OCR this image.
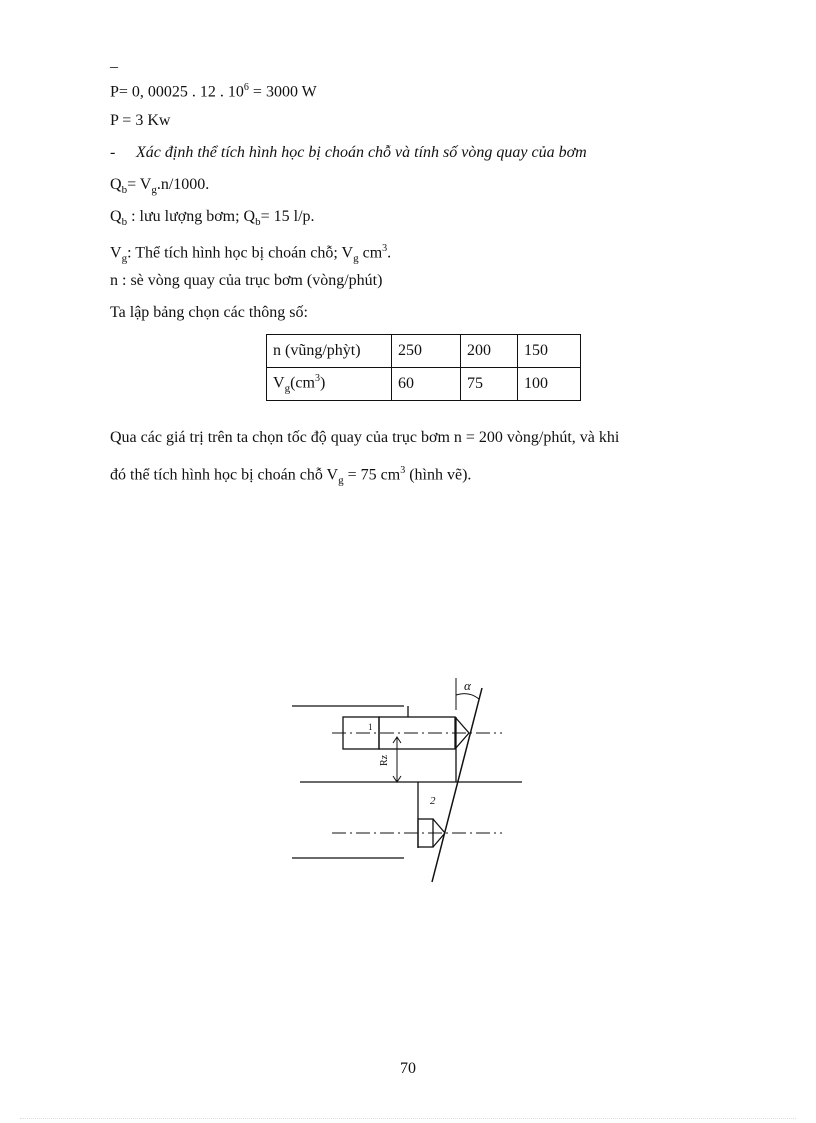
_
P= 0, 00025 . 12 . $10^6 = 3000$ W
P = 3 Kw
- Xác định thể tích hình học bị choán chỗ và tính số vòng quay của bơm
$Q_b= V_g.n/1000$.
$Q_b$ : lưu lượng bơm; $Q_b= 15$ l/p.
$V_g$: Thể tích hình học bị choán chỗ; $V_g$ $cm^3$.
n : sè vòng quay của trục bơm (vòng/phút)
Ta lập bảng chọn các thông số:
n (vũng/phỳt)	250	200	150
$V_g(cm^3)$	60	75	100
Qua các giá trị trên ta chọn tốc độ quay của trục bơm n = 200 vòng/phút, và khi
đó thể tích hình học bị choán chỗ $V_g = 75$ $cm^3$ (hình vẽ).
α
Rz
1
2
70
